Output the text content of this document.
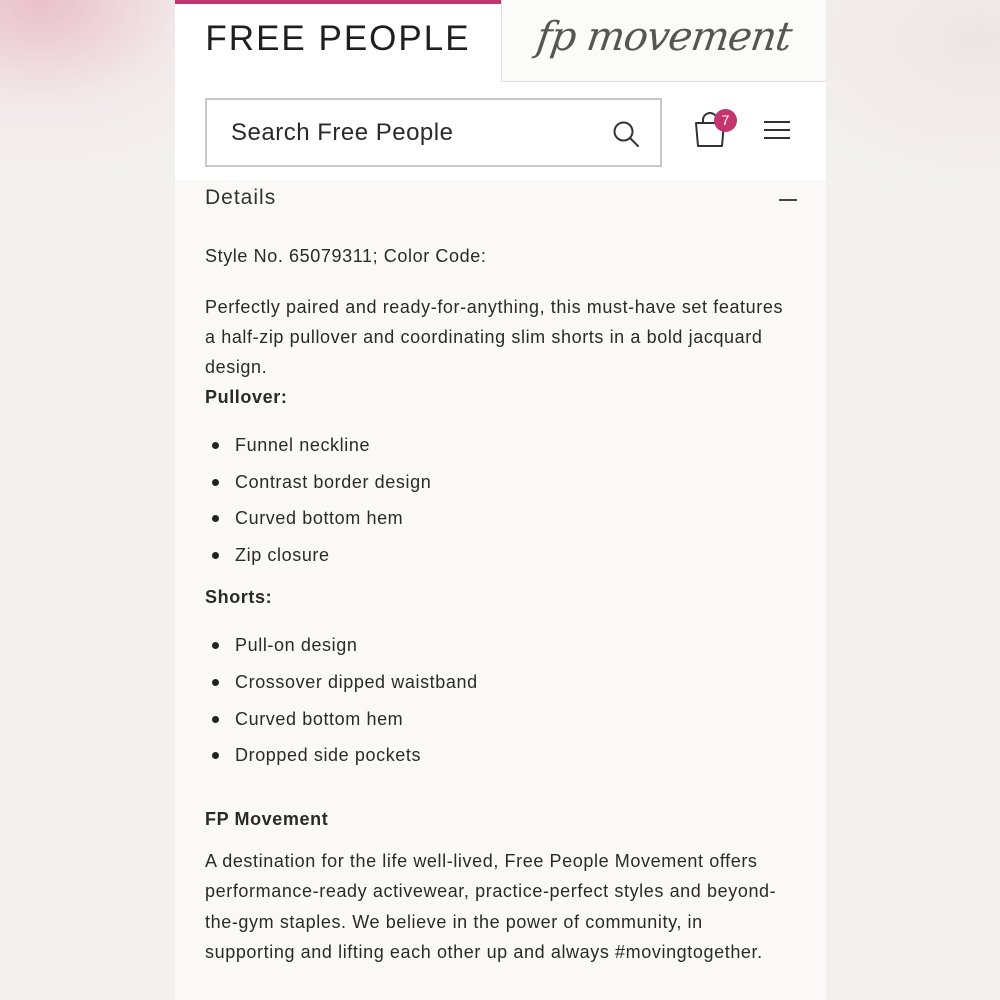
FREE PEOPLE fp movement
Search Free People
7
Details
Style No. 65079311; Color Code:

Perfectly paired and ready-for-anything, this must-have set features a half-zip pullover and coordinating slim shorts in a bold jacquard design.

Pullover:
Funnel neckline
Contrast border design
Curved bottom hem
Zip closure
Shorts:
Pull-on design
Crossover dipped waistband
Curved bottom hem
Dropped side pockets
FP Movement

A destination for the life well-lived, Free People Movement offers performance-ready activewear, practice-perfect styles and beyond-the-gym staples. We believe in the power of community, in supporting and lifting each other up and always #movingtogether.
